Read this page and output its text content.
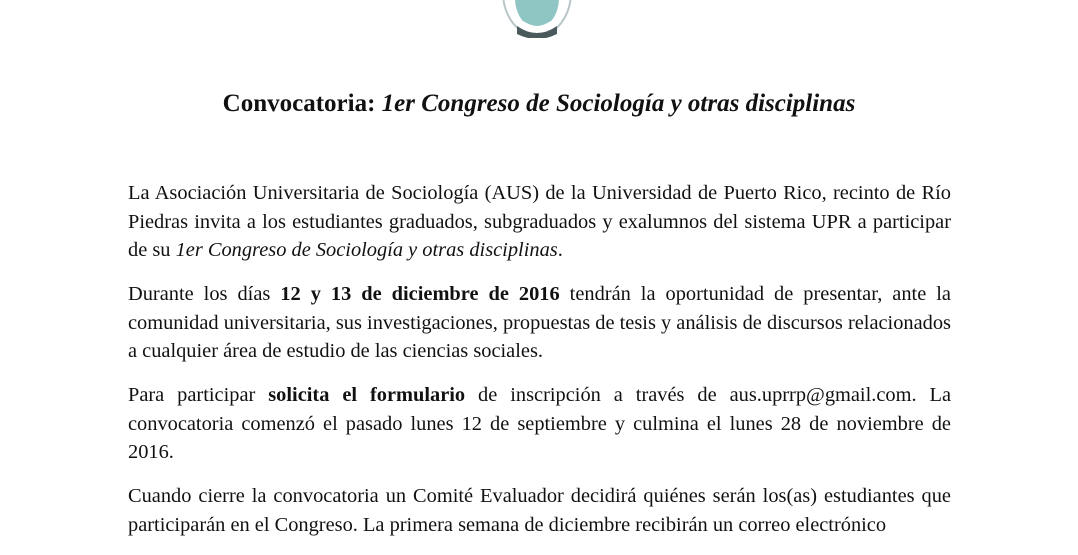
Convocatoria: 1er Congreso de Sociología y otras disciplinas

La Asociación Universitaria de Sociología (AUS) de la Universidad de Puerto Rico, recinto de Río Piedras invita a los estudiantes graduados, subgraduados y exalumnos del sistema UPR a participar de su 1er Congreso de Sociología y otras disciplinas.

Durante los días 12 y 13 de diciembre de 2016 tendrán la oportunidad de presentar, ante la comunidad universitaria, sus investigaciones, propuestas de tesis y análisis de discursos relacionados a cualquier área de estudio de las ciencias sociales.

Para participar solicita el formulario de inscripción a través de aus.uprrp@gmail.com. La convocatoria comenzó el pasado lunes 12 de septiembre y culmina el lunes 28 de noviembre de 2016.

Cuando cierre la convocatoria un Comité Evaluador decidirá quiénes serán los(as) estudiantes que participarán en el Congreso. La primera semana de diciembre recibirán un correo electrónico
